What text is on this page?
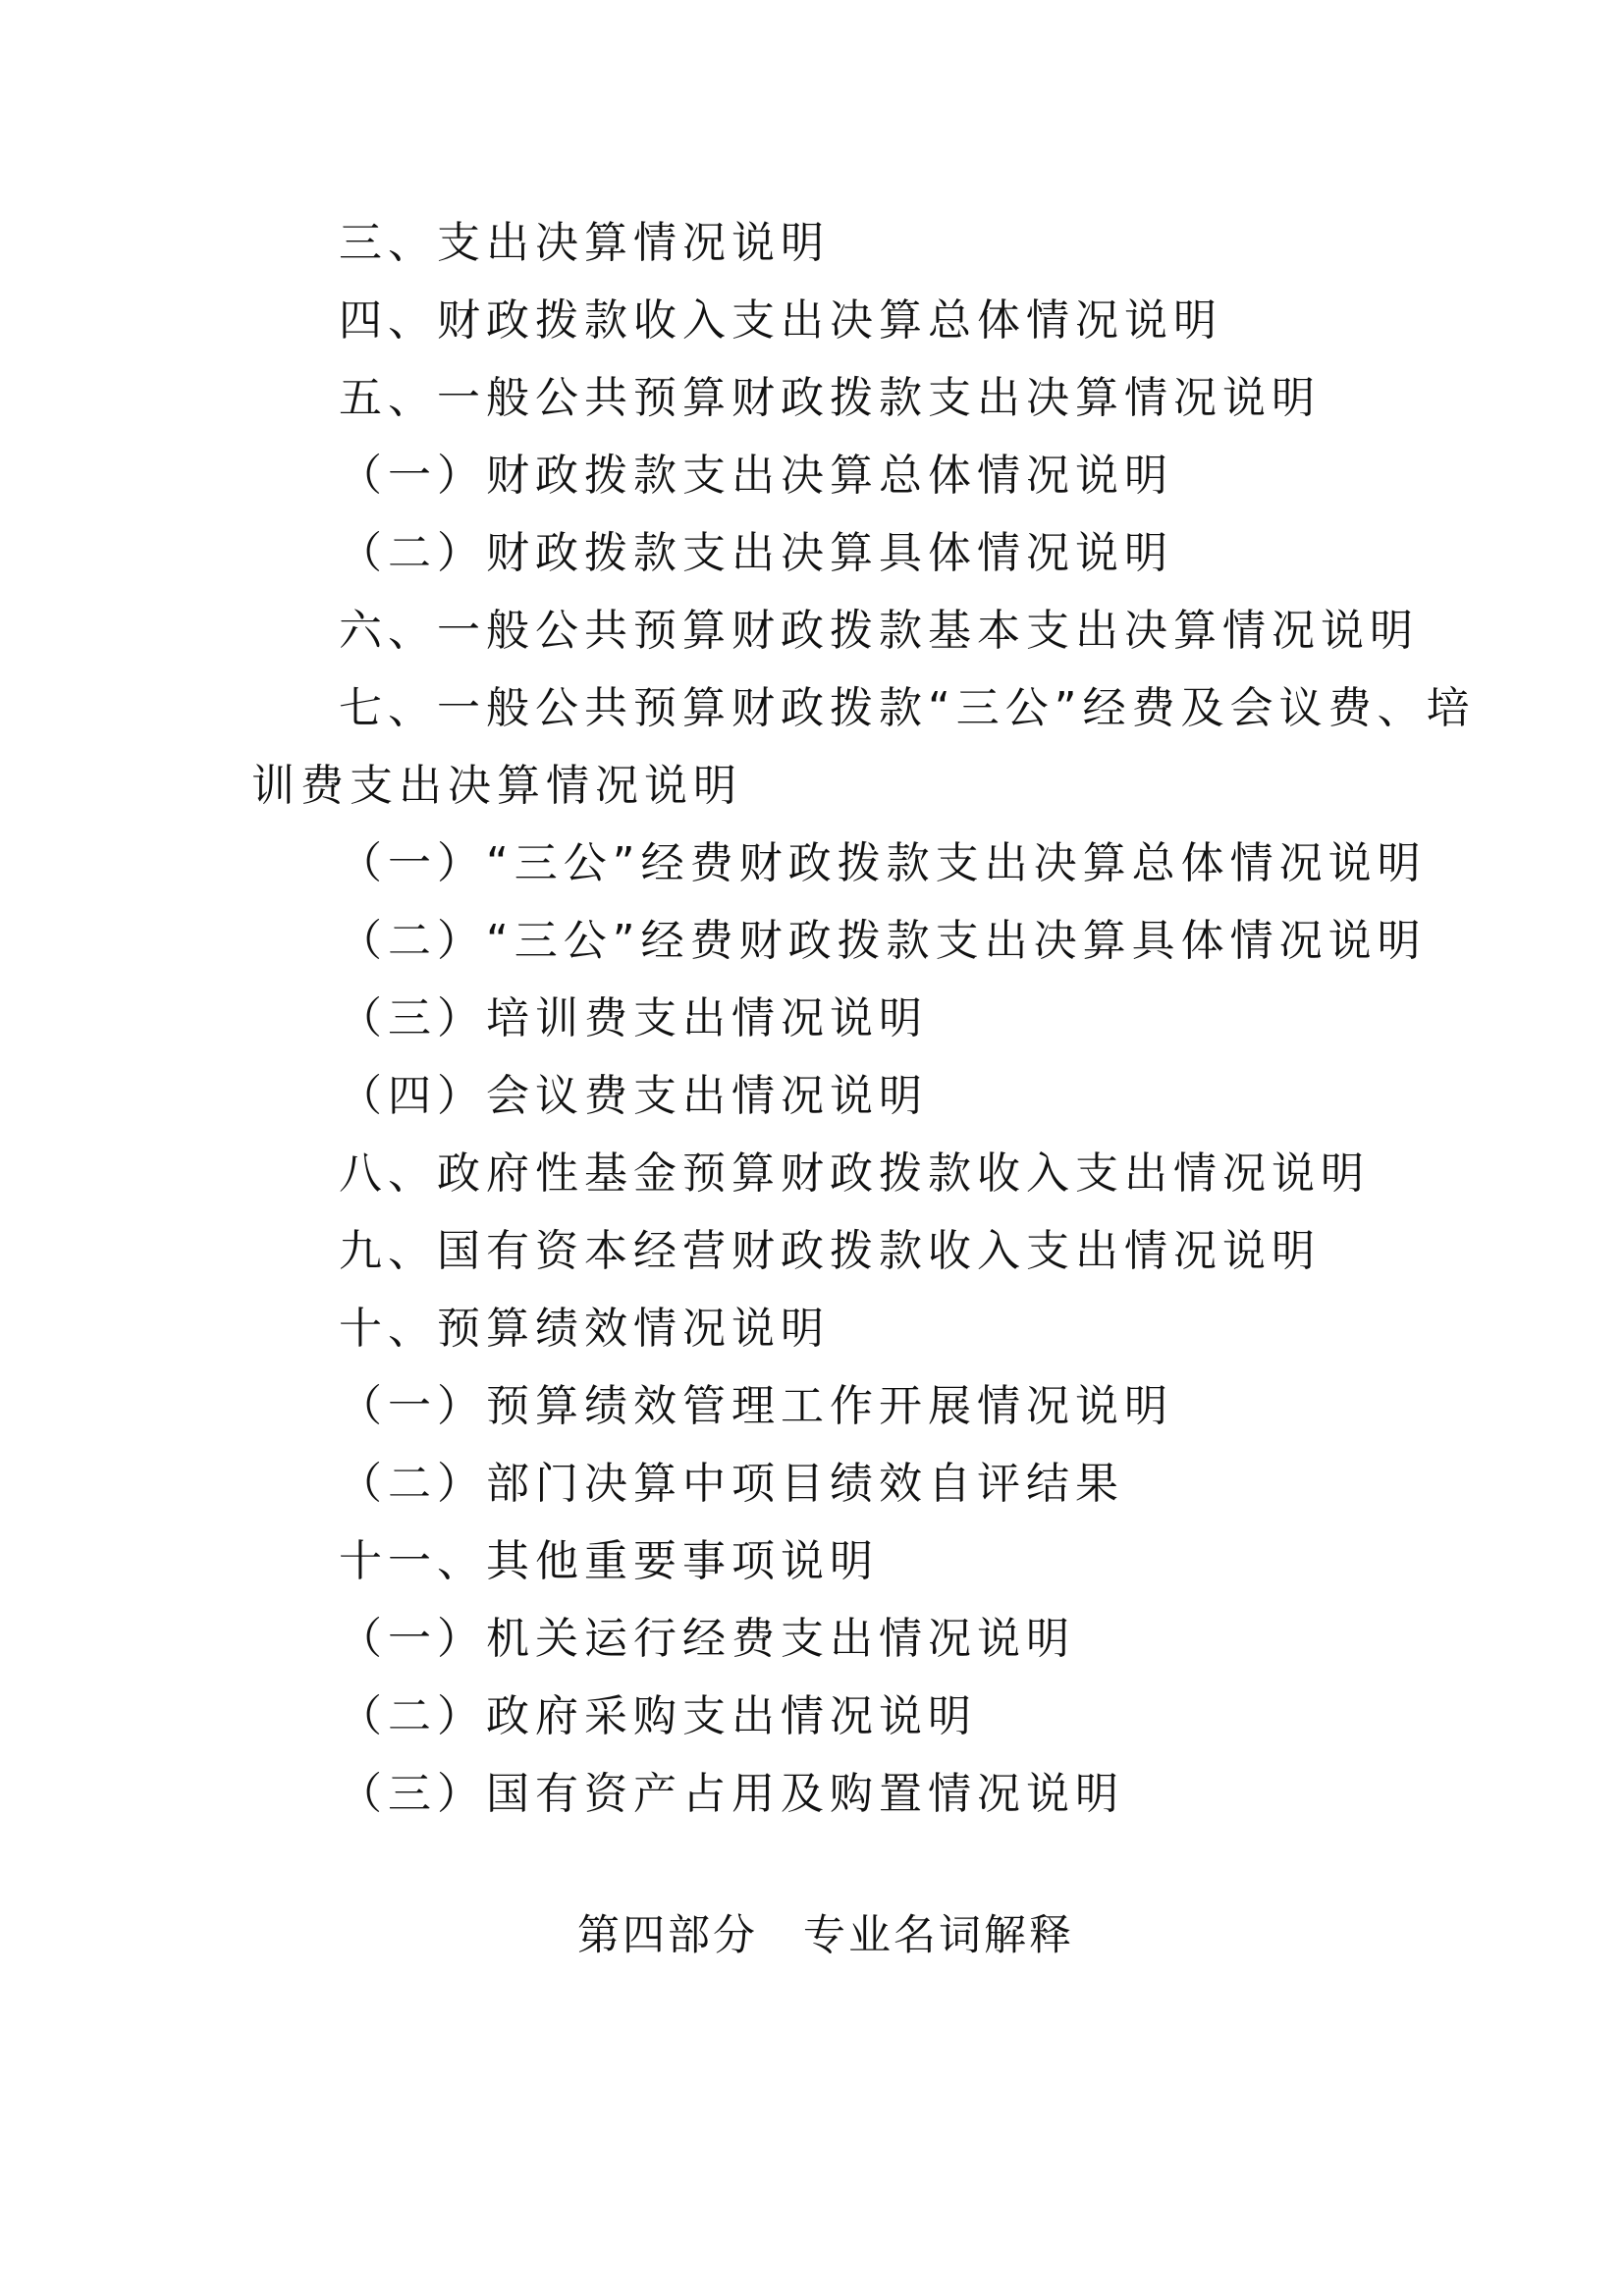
三、支出决算情况说明
四、财政拨款收入支出决算总体情况说明
五、一般公共预算财政拨款支出决算情况说明
（一）财政拨款支出决算总体情况说明
（二）财政拨款支出决算具体情况说明
六、一般公共预算财政拨款基本支出决算情况说明
七、一般公共预算财政拨款“三公”经费及会议费、培
训费支出决算情况说明
（一）“三公”经费财政拨款支出决算总体情况说明
（二）“三公”经费财政拨款支出决算具体情况说明
（三）培训费支出情况说明
（四）会议费支出情况说明
八、政府性基金预算财政拨款收入支出情况说明
九、国有资本经营财政拨款收入支出情况说明
十、预算绩效情况说明
（一）预算绩效管理工作开展情况说明
（二）部门决算中项目绩效自评结果
十一、其他重要事项说明
（一）机关运行经费支出情况说明
（二）政府采购支出情况说明
（三）国有资产占用及购置情况说明
第四部分　专业名词解释
